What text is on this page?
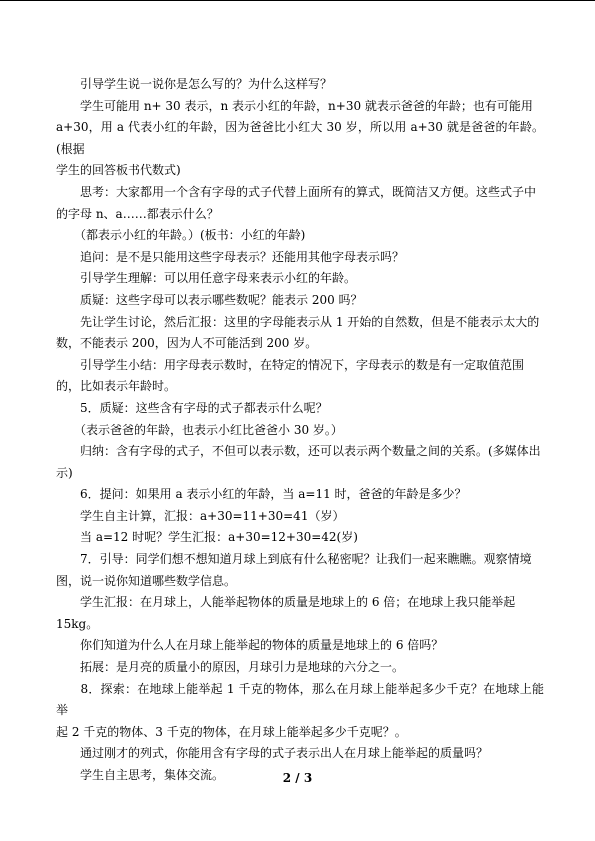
　　引导学生说一说你是怎么写的？为什么这样写？

　　学生可能用 n+ 30 表示，n 表示小红的年龄，n+30 就表示爸爸的年龄；也有可能用

a+30，用 a 代表小红的年龄，因为爸爸比小红大 30 岁，所以用 a+30 就是爸爸的年龄。(根据

学生的回答板书代数式)

　　思考：大家都用一个含有字母的式子代替上面所有的算式，既简洁又方便。这些式子中

的字母 n、a……都表示什么？

　　（都表示小红的年龄。）(板书：小红的年龄)

　　追问：是不是只能用这些字母表示？还能用其他字母表示吗？

　　引导学生理解：可以用任意字母来表示小红的年龄。

　　质疑：这些字母可以表示哪些数呢？能表示 200 吗？

　　先让学生讨论，然后汇报：这里的字母能表示从 1 开始的自然数，但是不能表示太大的

数，不能表示 200，因为人不可能活到 200 岁。

　　引导学生小结：用字母表示数时，在特定的情况下，字母表示的数是有一定取值范围

的，比如表示年龄时。

　　5．质疑：这些含有字母的式子都表示什么呢？

　　（表示爸爸的年龄，也表示小红比爸爸小 30 岁。）

　　归纳：含有字母的式子，不但可以表示数，还可以表示两个数量之间的关系。(多媒体出

示)

　　6．提问：如果用 a 表示小红的年龄，当 a=11 时，爸爸的年龄是多少？

　　学生自主计算，汇报：a+30=11+30=41（岁）

　　当 a=12 时呢？学生汇报：a+30=12+30=42(岁)

　　7．引导：同学们想不想知道月球上到底有什么秘密呢？让我们一起来瞧瞧。观察情境

图，说一说你知道哪些数学信息。

　　学生汇报：在月球上，人能举起物体的质量是地球上的 6 倍；在地球上我只能举起

15kg。

　　你们知道为什么人在月球上能举起的物体的质量是地球上的 6 倍吗？

　　拓展：是月亮的质量小的原因，月球引力是地球的六分之一。

　　8．探索：在地球上能举起 1 千克的物体，那么在月球上能举起多少千克？在地球上能举

起 2 千克的物体、3 千克的物体，在月球上能举起多少千克呢？。

　　通过刚才的列式，你能用含有字母的式子表示出人在月球上能举起的质量吗？

　　学生自主思考，集体交流。	2 / 3
